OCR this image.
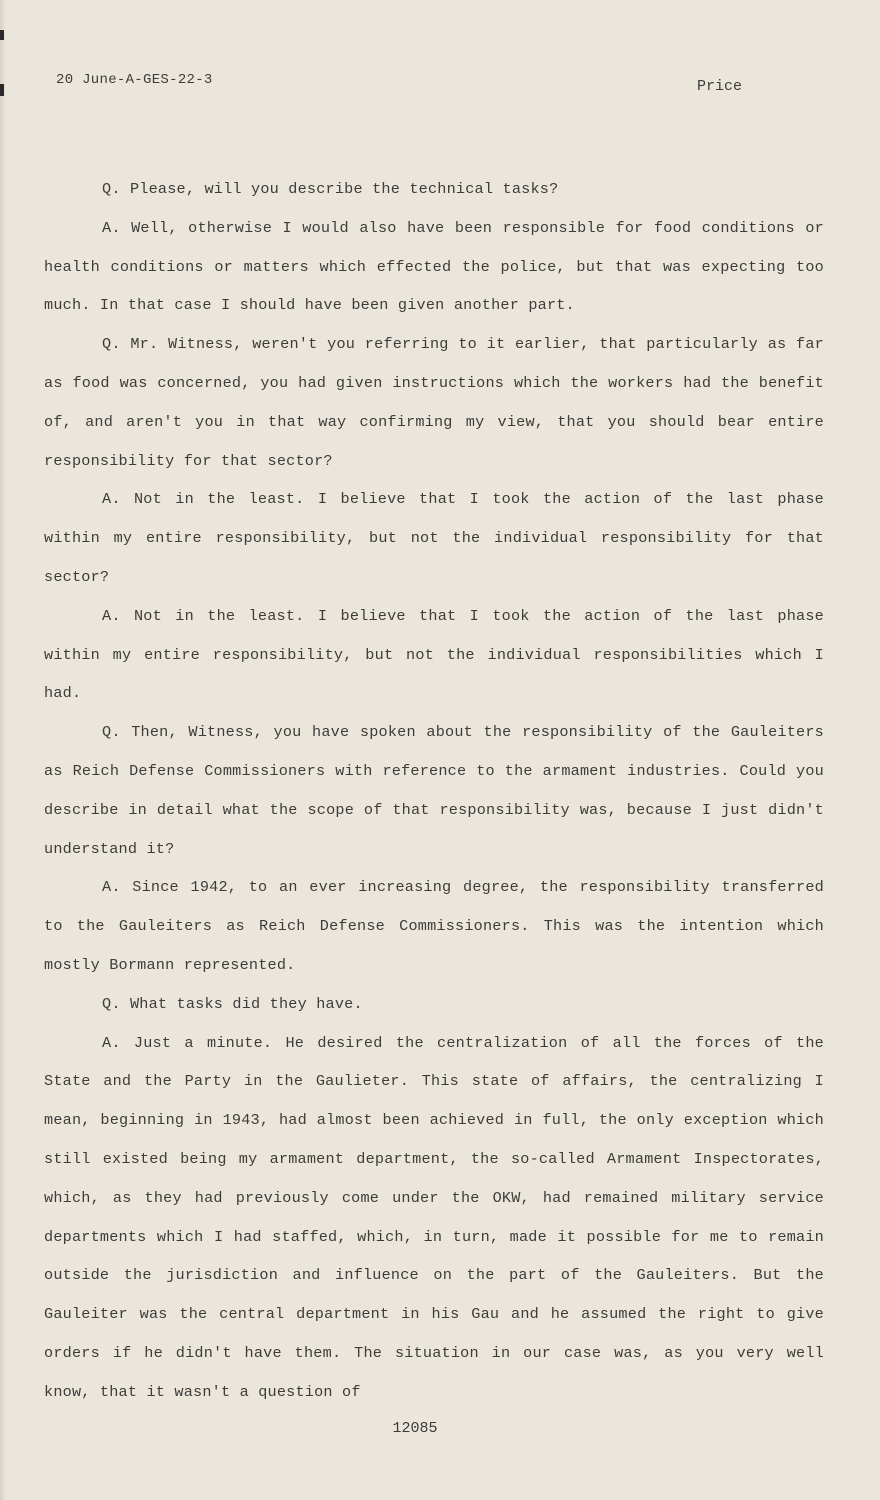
20 June-A-GES-22-3	Price

Q. Please, will you describe the technical tasks?

A. Well, otherwise I would also have been responsible for food conditions or health conditions or matters which effected the police, but that was expecting too much. In that case I should have been given another part.

Q. Mr. Witness, weren't you referring to it earlier, that particularly as far as food was concerned, you had given instructions which the workers had the benefit of, and aren't you in that way confirming my view, that you should bear entire responsibility for that sector?

A. Not in the least. I believe that I took the action of the last phase within my entire responsibility, but not the individual responsibility for that sector?

A. Not in the least. I believe that I took the action of the last phase within my entire responsibility, but not the individual responsibilities which I had.

Q. Then, Witness, you have spoken about the responsibility of the Gauleiters as Reich Defense Commissioners with reference to the armament industries. Could you describe in detail what the scope of that responsibility was, because I just didn't understand it?

A. Since 1942, to an ever increasing degree, the responsibility transferred to the Gauleiters as Reich Defense Commissioners. This was the intention which mostly Bormann represented.

Q. What tasks did they have.

A. Just a minute. He desired the centralization of all the forces of the State and the Party in the Gaulieter. This state of affairs, the centralizing I mean, beginning in 1943, had almost been achieved in full, the only exception which still existed being my armament department, the so-called Armament Inspectorates, which, as they had previously come under the OKW, had remained military service departments which I had staffed, which, in turn, made it possible for me to remain outside the jurisdiction and influence on the part of the Gauleiters. But the Gauleiter was the central department in his Gau and he assumed the right to give orders if he didn't have them. The situation in our case was, as you very well know, that it wasn't a question of

12085
